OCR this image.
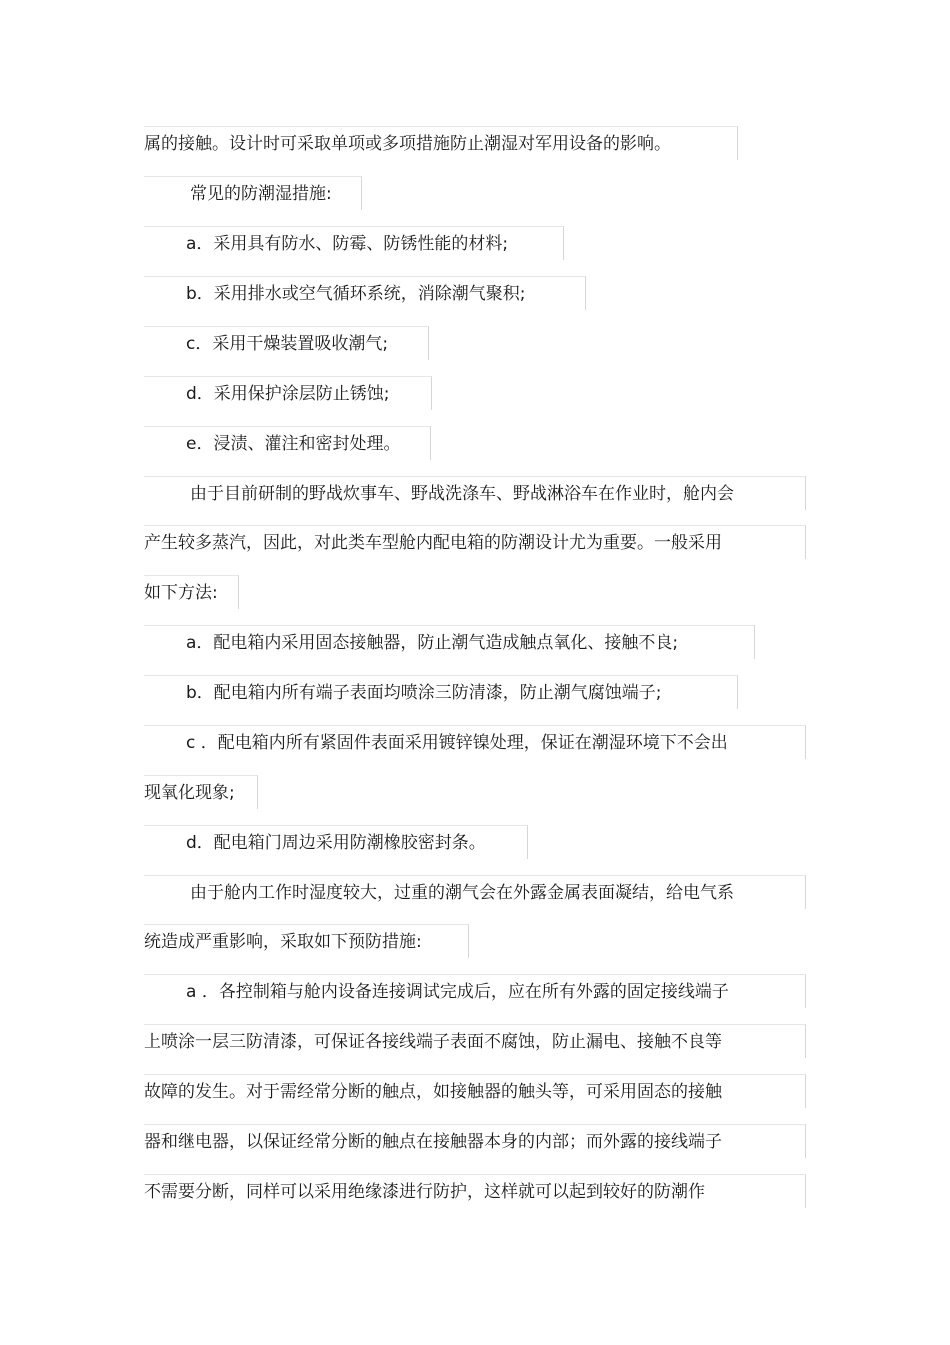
属的接触。设计时可采取单项或多项措施防止潮湿对军用设备的影响。
常见的防潮湿措施:
a．采用具有防水、防霉、防锈性能的材料;
b．采用排水或空气循环系统，消除潮气聚积;
c．采用干燥装置吸收潮气;
d．采用保护涂层防止锈蚀;
e．浸渍、灌注和密封处理。
由于目前研制的野战炊事车、野战洗涤车、野战淋浴车在作业时，舱内会
产生较多蒸汽，因此，对此类车型舱内配电箱的防潮设计尤为重要。一般采用
如下方法:
a．配电箱内采用固态接触器，防止潮气造成触点氧化、接触不良;
b．配电箱内所有端子表面均喷涂三防清漆，防止潮气腐蚀端子;
c ．配电箱内所有紧固件表面采用镀锌镍处理，保证在潮湿环境下不会出
现氧化现象;
d．配电箱门周边采用防潮橡胶密封条。
由于舱内工作时湿度较大，过重的潮气会在外露金属表面凝结，给电气系
统造成严重影响，采取如下预防措施:
a ．各控制箱与舱内设备连接调试完成后，应在所有外露的固定接线端子
上喷涂一层三防清漆，可保证各接线端子表面不腐蚀，防止漏电、接触不良等
故障的发生。对于需经常分断的触点，如接触器的触头等，可采用固态的接触
器和继电器，以保证经常分断的触点在接触器本身的内部；而外露的接线端子
不需要分断，同样可以采用绝缘漆进行防护，这样就可以起到较好的防潮作
